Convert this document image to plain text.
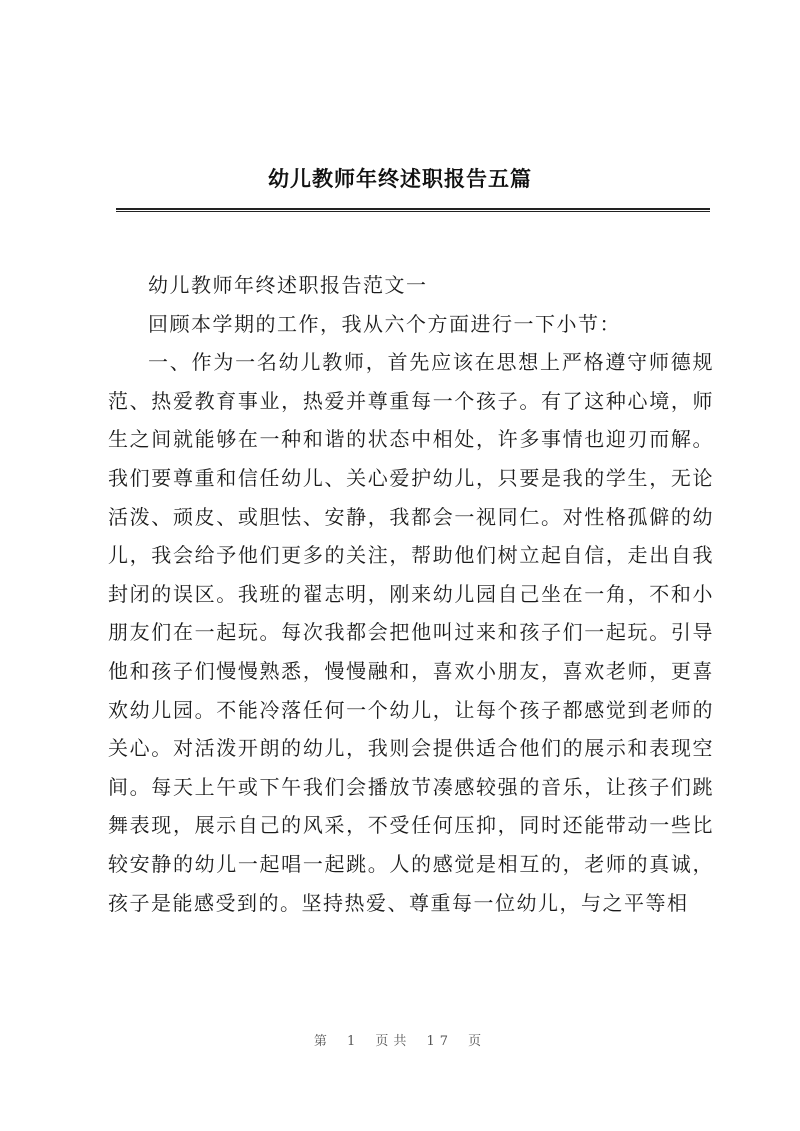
幼儿教师年终述职报告五篇

幼儿教师年终述职报告范文一

回顾本学期的工作，我从六个方面进行一下小节：

一、作为一名幼儿教师，首先应该在思想上严格遵守师德规范、热爱教育事业，热爱并尊重每一个孩子。有了这种心境，师生之间就能够在一种和谐的状态中相处，许多事情也迎刃而解。我们要尊重和信任幼儿、关心爱护幼儿，只要是我的学生，无论活泼、顽皮、或胆怯、安静，我都会一视同仁。对性格孤僻的幼儿，我会给予他们更多的关注，帮助他们树立起自信，走出自我封闭的误区。我班的翟志明，刚来幼儿园自己坐在一角，不和小朋友们在一起玩。每次我都会把他叫过来和孩子们一起玩。引导他和孩子们慢慢熟悉，慢慢融和，喜欢小朋友，喜欢老师，更喜欢幼儿园。不能冷落任何一个幼儿，让每个孩子都感觉到老师的关心。对活泼开朗的幼儿，我则会提供适合他们的展示和表现空间。每天上午或下午我们会播放节凑感较强的音乐，让孩子们跳舞表现，展示自己的风采，不受任何压抑，同时还能带动一些比较安静的幼儿一起唱一起跳。人的感觉是相互的，老师的真诚，孩子是能感受到的。坚持热爱、尊重每一位幼儿，与之平等相

第 1 页共 17 页
